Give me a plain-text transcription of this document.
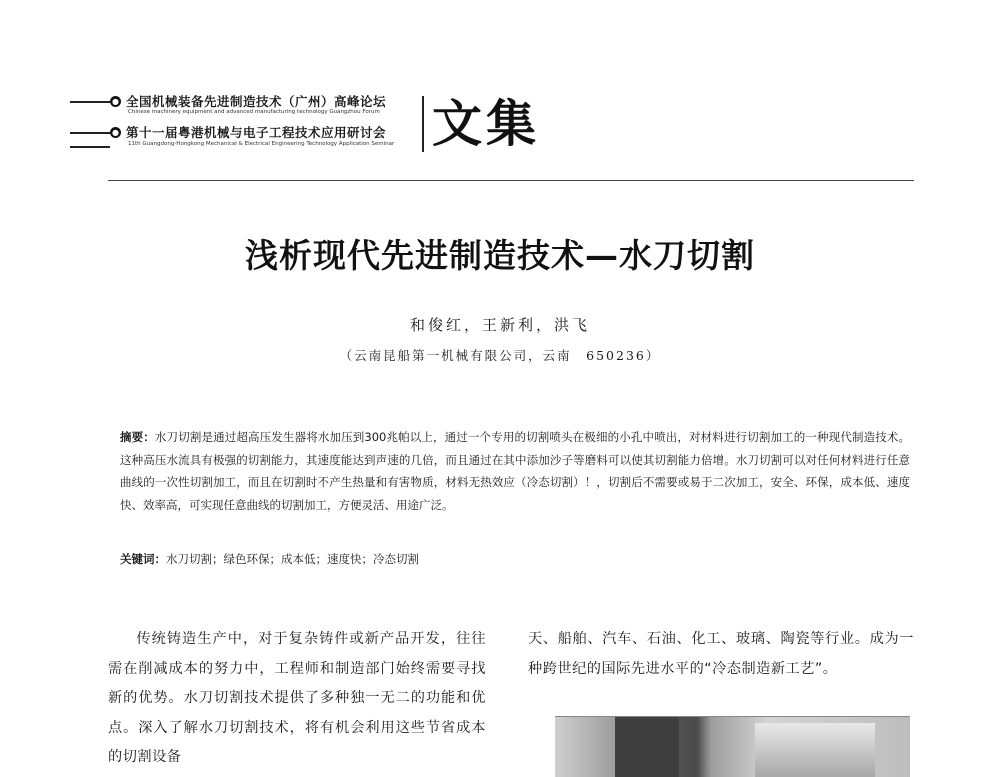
● 全国机械装备先进制造技术（广州）高峰论坛
Chinese machinery equipment and advanced manufacturing technology Guangzhou Forum
● 第十一届粤港机械与电子工程技术应用研讨会
11th Guangdong-Hongkong Mechanical & Electrical Engineering Technology Application Seminar 文集
浅析现代先进制造技术—水刀切割
和俊红，王新利，洪飞
（云南昆船第一机械有限公司，云南　650236）
摘要：水刀切割是通过超高压发生器将水加压到300兆帕以上，通过一个专用的切割喷头在极细的小孔中喷出，对材料进行切割加工的一种现代制造技术。这种高压水流具有极强的切割能力，其速度能达到声速的几倍，而且通过在其中添加沙子等磨料可以使其切割能力倍增。水刀切割可以对任何材料进行任意曲线的一次性切割加工，而且在切割时不产生热量和有害物质，材料无热效应（冷态切割）！，切割后不需要或易于二次加工，安全、环保，成本低、速度快、效率高，可实现任意曲线的切割加工，方便灵活、用途广泛。
关键词：水刀切割；绿色环保；成本低；速度快；冷态切割

传统铸造生产中，对于复杂铸件或新产品开发，往往需在削减成本的努力中，工程师和制造部门始终需要寻找新的优势。水刀切割技术提供了多种独一无二的功能和优点。深入了解水刀切割技术，将有机会利用这些节省成本的切割设备

天、船舶、汽车、石油、化工、玻璃、陶瓷等行业。成为一种跨世纪的国际先进水平的“冷态制造新工艺”。
